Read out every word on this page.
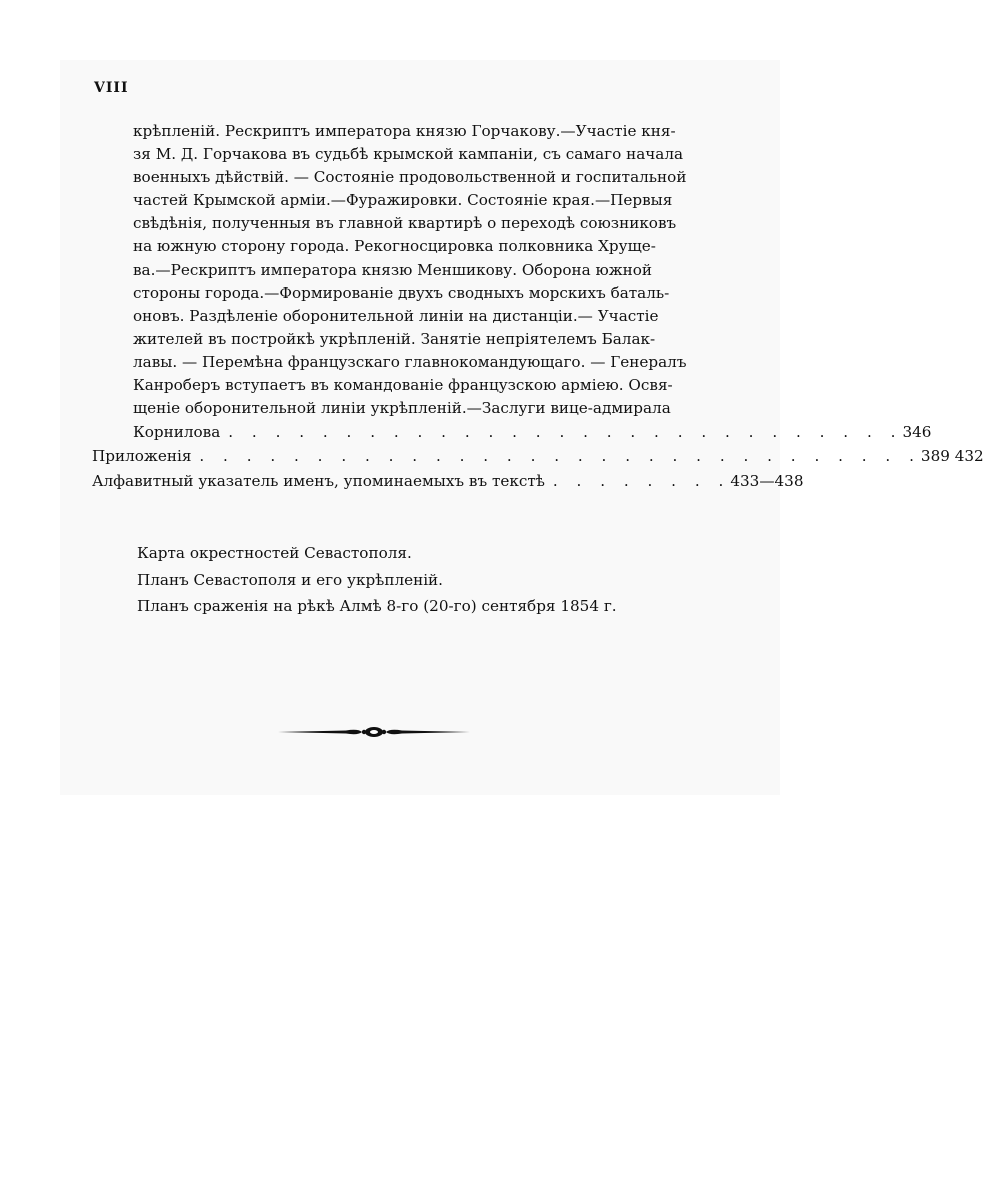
VIII
крѣпленій. Рескриптъ императора князю Горчакову.—Участіе кня-
зя М. Д. Горчакова въ судьбѣ крымской кампаніи, съ самаго начала
военныхъ дѣйствій. — Состояніе продовольственной и госпитальной
частей Крымской арміи.—Фуражировки. Состояніе края.—Первыя
свѣдѣнія, полученныя въ главной квартирѣ о переходѣ союзниковъ
на южную сторону города. Рекогносцировка полковника Хруще-
ва.—Рескриптъ императора князю Меншикову. Оборона южной
стороны города.—Формированіе двухъ сводныхъ морскихъ баталь-
оновъ. Раздѣленіе оборонительной линіи на дистанціи.— Участіе
жителей въ постройкѣ укрѣпленій. Занятіе непріятелемъ Балак-
лавы. — Перемѣна французскаго главнокомандующаго. — Генералъ
Канроберъ вступаетъ въ командованіе французскою арміею. Освя-
щеніе оборонительной линіи укрѣпленій.—Заслуги вице-адмирала
Корнилова . . . . . . . . . . . . . . . . . . . . . . . . . . . . . 346
Приложенія . . . . . . . . . . . . . . . . . . . . . . . . . . . . . . . 389 432
Алфавитный указатель именъ, упоминаемыхъ въ текстѣ . . . . . . . . 433—438
Карта окрестностей Севастополя.
Планъ Севастополя и его укрѣпленій.
Планъ сраженія на рѣкѣ Алмѣ 8-го (20-го) сентября 1854 г.
